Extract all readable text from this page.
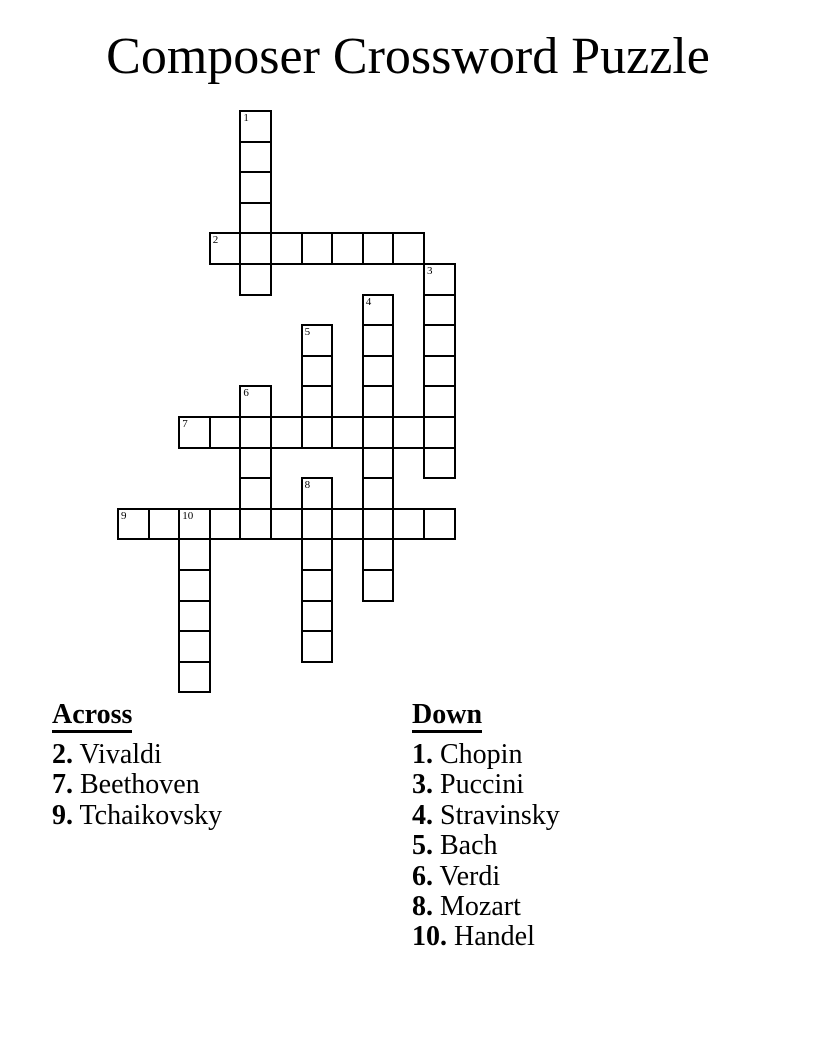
Composer Crossword Puzzle
1
2
3
4
5
6
7
8
9	10
Across
2. Vivaldi
7. Beethoven
9. Tchaikovsky
Down
1. Chopin
3. Puccini
4. Stravinsky
5. Bach
6. Verdi
8. Mozart
10. Handel
